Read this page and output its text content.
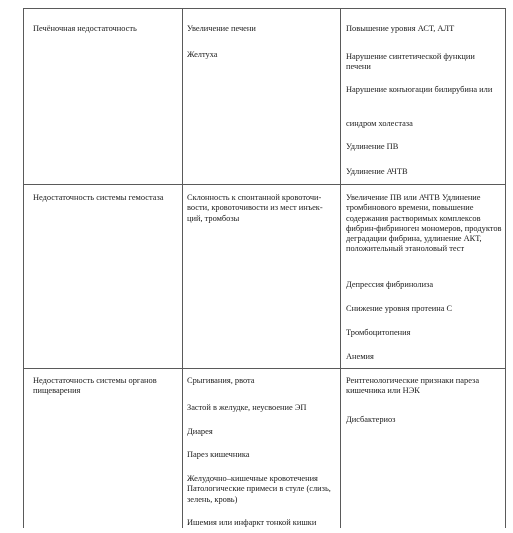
Печёночная недостаточность	Увеличение печени

Желтуха

Повышение уровня АСТ, АЛТ

Нарушение синтетической функции печени

Нарушение конъюгации билирубина или

синдром холестаза

Удлинение ПВ

Удлинение АЧТВ

Недостаточность системы гемостаза	Склонность к спонтанной кровоточи-вости, кровоточивости из мест инъек-ций, тромбозы

Увеличение ПВ или АЧТВ Удлинение тромбинового времени, повышение содержания растворимых комплексов фибрин-фибриноген мономеров, продуктов деградации фибрина, удлинение АКТ, положительный этаноловый тест

Депрессия фибринолиза

Снижение уровня протеина С

Тромбоцитопения

Анемия

Недостаточность системы органов пищеварения

Срыгивания, рвота

Застой в желудке, неусвоение ЭП

Диарея

Парез кишечника

Желудочно–кишечные кровотечения Патологические примеси в стуле (слизь, зелень, кровь)

Ишемия или инфаркт тонкой кишки

Рентгенологические признаки пареза кишечника или НЭК

Дисбактериоз
